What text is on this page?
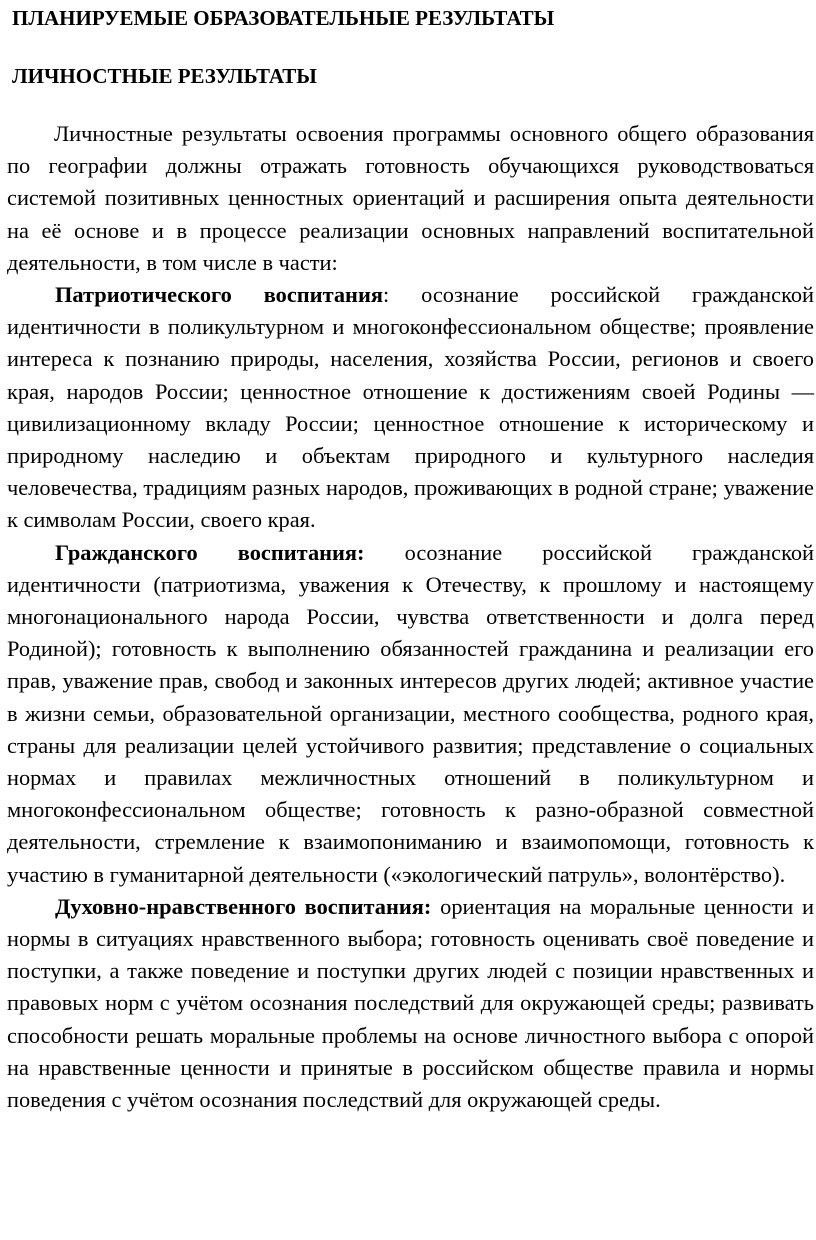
ПЛАНИРУЕМЫЕ ОБРАЗОВАТЕЛЬНЫЕ РЕЗУЛЬТАТЫ
ЛИЧНОСТНЫЕ РЕЗУЛЬТАТЫ

Личностные результаты освоения программы основного общего образования по географии должны отражать готовность обучающихся руководствоваться системой позитивных ценностных ориентаций и расширения опыта деятельности на её основе и в процессе реализации основных направлений воспитательной деятельности, в том числе в части:

Патриотического воспитания: осознание российской гражданской идентичности в поликультурном и многоконфессиональном обществе; проявление интереса к познанию природы, населения, хозяйства России, регионов и своего края, народов России; ценностное отношение к достижениям своей Родины — цивилизационному вкладу России; ценностное отношение к историческому и природному наследию и объектам природного и культурного наследия человечества, традициям разных народов, проживающих в родной стране; уважение к символам России, своего края.

Гражданского воспитания: осознание российской гражданской идентичности (патриотизма, уважения к Отечеству, к прошлому и настоящему многонационального народа России, чувства ответственности и долга перед Родиной); готовность к выполнению обязанностей гражданина и реализации его прав, уважение прав, свобод и законных интересов других людей; активное участие в жизни семьи, образовательной организации, местного сообщества, родного края, страны для реализации целей устойчивого развития; представление о социальных нормах и правилах межличностных отношений в поликультурном и многоконфессиональном обществе; готовность к разно-образной совместной деятельности, стремление к взаимопониманию и взаимопомощи, готовность к участию в гуманитарной деятельности («экологический патруль», волонтёрство).

Духовно-нравственного воспитания: ориентация на моральные ценности и нормы в ситуациях нравственного выбора; готовность оценивать своё поведение и поступки, а также поведение и поступки других людей с позиции нравственных и правовых норм с учётом осознания последствий для окружающей среды; развивать способности решать моральные проблемы на основе личностного выбора с опорой на нравственные ценности и принятые в российском обществе правила и нормы поведения с учётом осознания последствий для окружающей среды.
